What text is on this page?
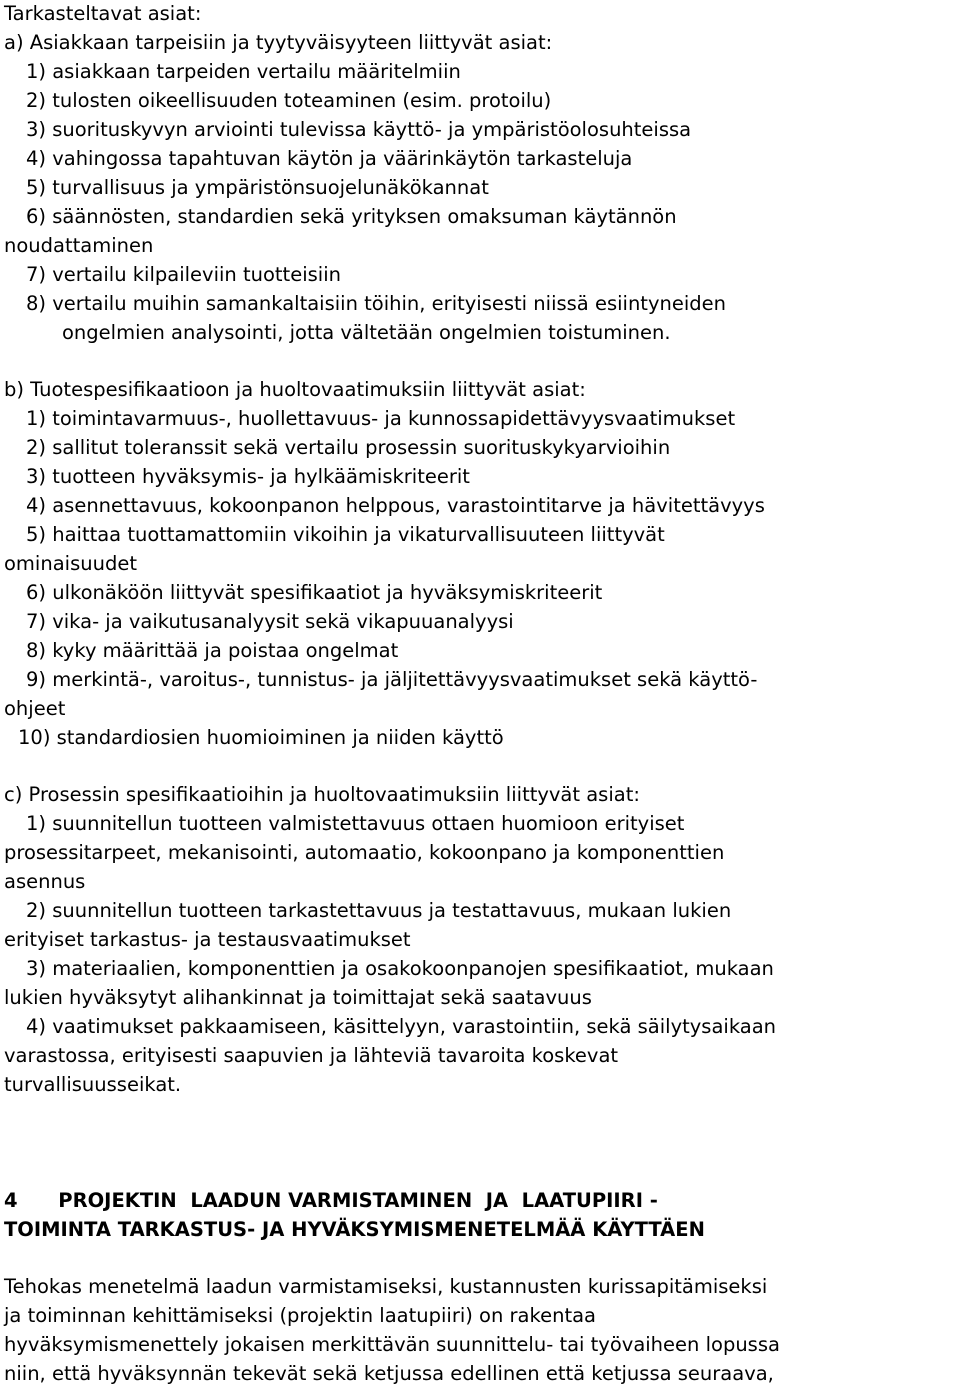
Tarkasteltavat asiat:
a) Asiakkaan tarpeisiin ja tyytyväisyyteen liittyvät asiat:
1) asiakkaan tarpeiden vertailu määritelmiin
2) tulosten oikeellisuuden toteaminen (esim. protoilu)
3) suorituskyvyn arviointi tulevissa käyttö- ja ympäristöolosuhteissa
4) vahingossa tapahtuvan käytön ja väärinkäytön tarkasteluja
5) turvallisuus ja ympäristönsuojelunäkökannat
6) säännösten, standardien sekä yrityksen omaksuman käytännön
noudattaminen
7) vertailu kilpaileviin tuotteisiin
8) vertailu muihin samankaltaisiin töihin, erityisesti niissä esiintyneiden
ongelmien analysointi, jotta vältetään ongelmien toistuminen.
b) Tuotespesifikaatioon ja huoltovaatimuksiin liittyvät asiat:
1) toimintavarmuus-, huollettavuus- ja kunnossapidettävyysvaatimukset
2) sallitut toleranssit sekä vertailu prosessin suorituskykyarvioihin
3) tuotteen hyväksymis- ja hylkäämiskriteerit
4) asennettavuus, kokoonpanon helppous, varastointitarve ja hävitettävyys
5) haittaa tuottamattomiin vikoihin ja vikaturvallisuuteen liittyvät
ominaisuudet
6) ulkonäköön liittyvät spesifikaatiot ja hyväksymiskriteerit
7) vika- ja vaikutusanalyysit sekä vikapuuanalyysi
8) kyky määrittää ja poistaa ongelmat
9) merkintä-, varoitus-, tunnistus- ja jäljitettävyysvaatimukset sekä käyttö-
ohjeet
10) standardiosien huomioiminen ja niiden käyttö
c) Prosessin spesifikaatioihin ja huoltovaatimuksiin liittyvät asiat:
1) suunnitellun tuotteen valmistettavuus ottaen huomioon erityiset
prosessitarpeet, mekanisointi, automaatio, kokoonpano ja komponenttien
asennus
2) suunnitellun tuotteen tarkastettavuus ja testattavuus, mukaan lukien
erityiset tarkastus- ja testausvaatimukset
3) materiaalien, komponenttien ja osakokoonpanojen spesifikaatiot, mukaan
lukien hyväksytyt alihankinnat ja toimittajat sekä saatavuus
4) vaatimukset pakkaamiseen, käsittelyyn, varastointiin, sekä säilytysaikaan
varastossa, erityisesti saapuvien ja lähteviä tavaroita koskevat
turvallisuusseikat.
4      PROJEKTIN  LAADUN VARMISTAMINEN  JA  LAATUPIIRI -
TOIMINTA TARKASTUS- JA HYVÄKSYMISMENETELMÄÄ KÄYTTÄEN
Tehokas menetelmä laadun varmistamiseksi, kustannusten kurissapitämiseksi
ja toiminnan kehittämiseksi (projektin laatupiiri) on rakentaa
hyväksymismenettely jokaisen merkittävän suunnittelu- tai työvaiheen lopussa
niin, että hyväksynnän tekevät sekä ketjussa edellinen että ketjussa seuraava,
